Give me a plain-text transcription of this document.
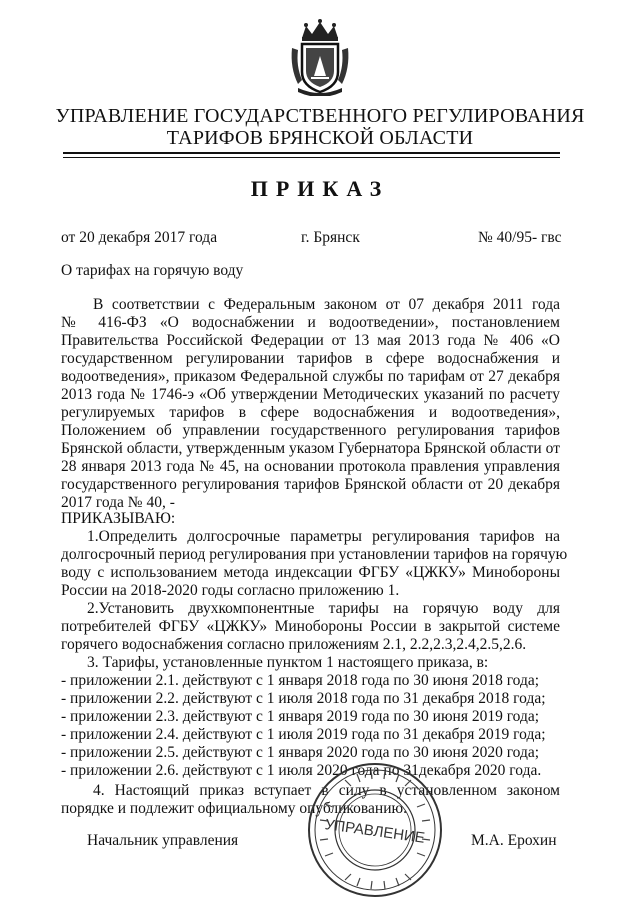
УПРАВЛЕНИЕ ГОСУДАРСТВЕННОГО РЕГУЛИРОВАНИЯ
ТАРИФОВ БРЯНСКОЙ ОБЛАСТИ
ПРИКАЗ
от 20 декабря 2017 года	г. Брянск	№ 40/95- гвс
О тарифах на горячую воду
В соответствии с Федеральным законом от 07 декабря 2011 года
№ 416-ФЗ «О водоснабжении и водоотведении», постановлением
Правительства Российской Федерации от 13 мая 2013 года № 406 «О
государственном регулировании тарифов в сфере водоснабжения и
водоотведения», приказом Федеральной службы по тарифам от 27 декабря
2013 года № 1746-э «Об утверждении Методических указаний по расчету
регулируемых тарифов в сфере водоснабжения и водоотведения»,
Положением об управлении государственного регулирования тарифов
Брянской области, утвержденным указом Губернатора Брянской области от
28 января 2013 года № 45, на основании протокола правления управления
государственного регулирования тарифов Брянской области от 20 декабря
2017 года № 40, -
ПРИКАЗЫВАЮ:
1.Определить долгосрочные параметры регулирования тарифов на
долгосрочный период регулирования при установлении тарифов на горячую
воду с использованием метода индексации ФГБУ «ЦЖКУ» Минобороны
России на 2018-2020 годы согласно приложению 1.
2.Установить двухкомпонентные тарифы на горячую воду для
потребителей ФГБУ «ЦЖКУ» Минобороны России в закрытой системе
горячего водоснабжения согласно приложениям 2.1, 2.2,2.3,2.4,2.5,2.6.
3. Тарифы, установленные пунктом 1 настоящего приказа, в:
- приложении 2.1. действуют с 1 января 2018 года по 30 июня 2018 года;
- приложении 2.2. действуют с 1 июля 2018 года по 31 декабря 2018 года;
- приложении 2.3. действуют с 1 января 2019 года по 30 июня 2019 года;
- приложении 2.4. действуют с 1 июля 2019 года по 31 декабря 2019 года;
- приложении 2.5. действуют с 1 января 2020 года по 30 июня 2020 года;
- приложении 2.6. действуют с 1 июля 2020 года по 31декабря 2020 года.
4. Настоящий приказ вступает в силу в установленном законом
порядке и подлежит официальному опубликованию.
Начальник управления	М.А. Ерохин
УПРАВЛЕНИЕ
